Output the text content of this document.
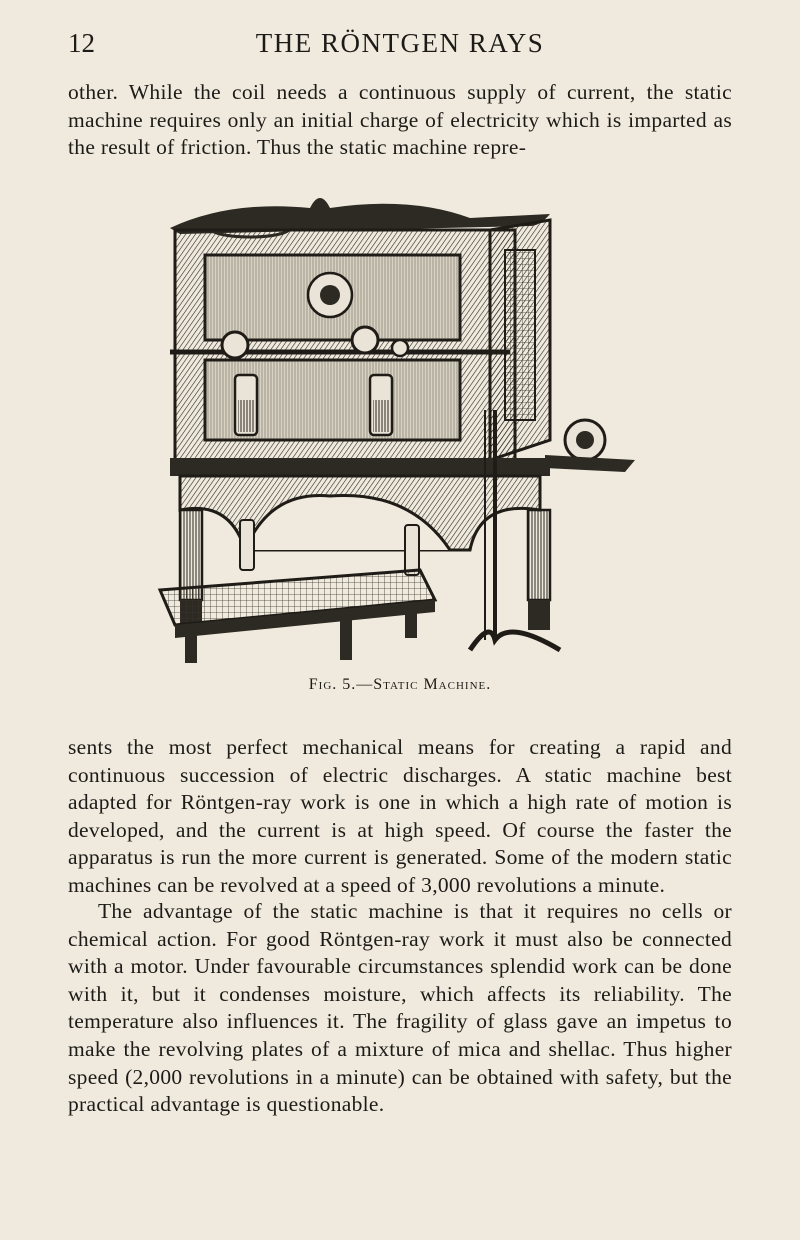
12	THE RÖNTGEN RAYS
other. While the coil needs a continuous supply of current, the static machine requires only an initial charge of electricity which is imparted as the result of friction. Thus the static machine repre-
Fig. 5.—Static Machine.
sents the most perfect mechanical means for creating a rapid and continuous succession of electric discharges. A static machine best adapted for Röntgen-ray work is one in which a high rate of motion is developed, and the current is at high speed. Of course the faster the apparatus is run the more current is generated. Some of the modern static machines can be revolved at a speed of 3,000 revolutions a minute.
The advantage of the static machine is that it requires no cells or chemical action. For good Röntgen-ray work it must also be connected with a motor. Under favourable circumstances splendid work can be done with it, but it condenses moisture, which affects its reliability. The temperature also influences it. The fragility of glass gave an impetus to make the revolving plates of a mixture of mica and shellac. Thus higher speed (2,000 revolutions in a minute) can be obtained with safety, but the practical advantage is questionable.
